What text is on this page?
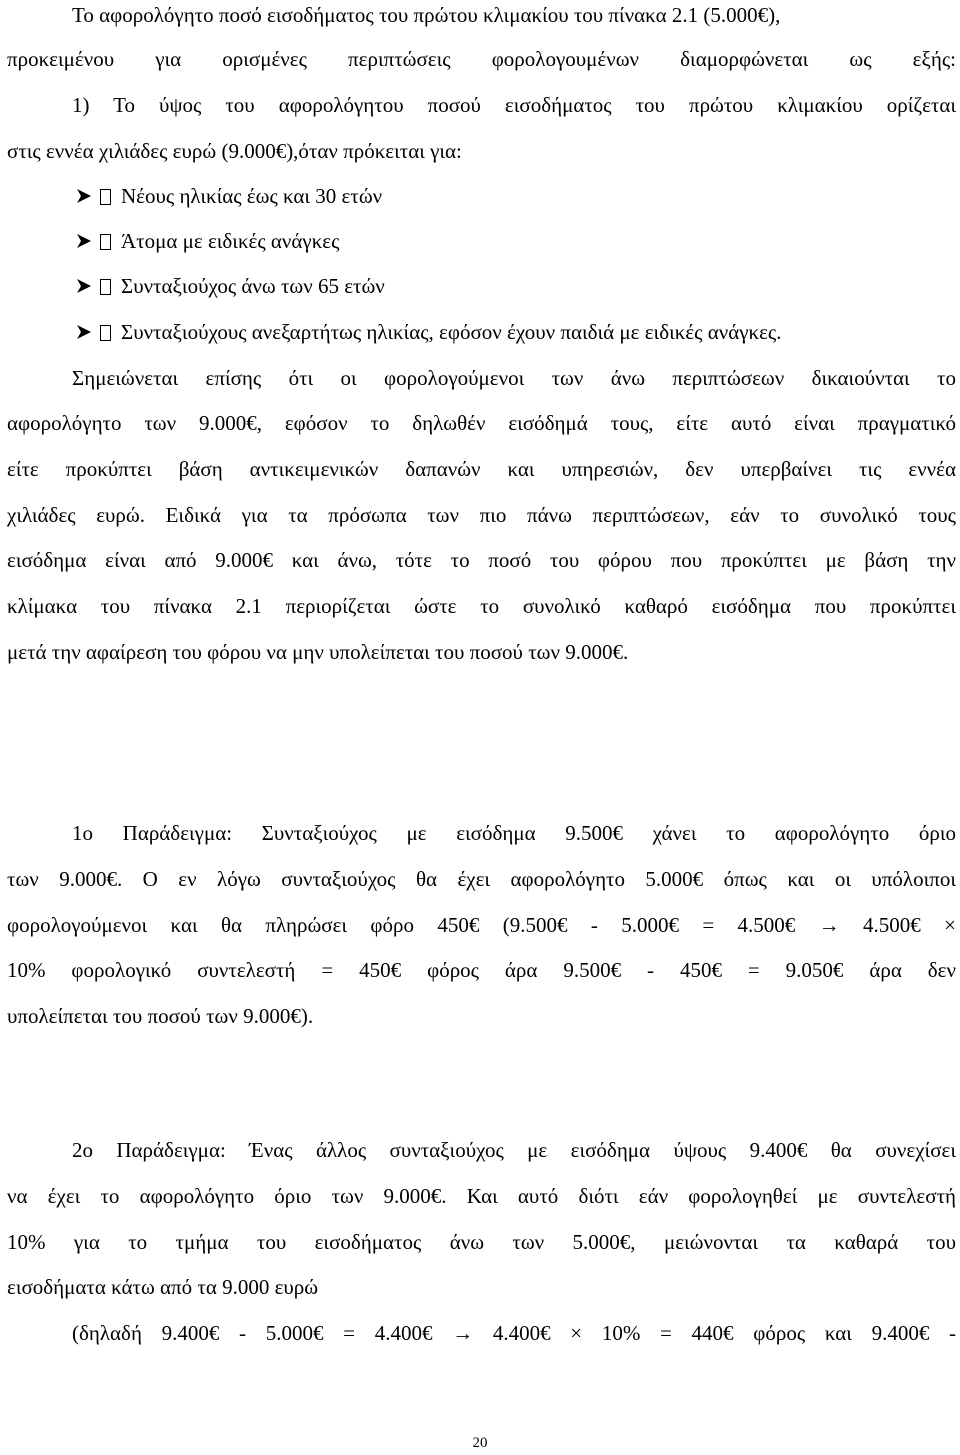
Το αφορολόγητο ποσό εισοδήματος του πρώτου κλιμακίου του πίνακα 2.1 (5.000€),
προκειμένου για ορισμένες περιπτώσεις φορολογουμένων διαμορφώνεται ως εξής:
1) Το ύψος του αφορολόγητου ποσού εισοδήματος του πρώτου κλιμακίου ορίζεται
στις εννέα χιλιάδες ευρώ (9.000€),όταν πρόκειται για:
Νέους ηλικίας έως και 30 ετών
Άτομα με ειδικές ανάγκες
Συνταξιούχος άνω των 65 ετών
Συνταξιούχους ανεξαρτήτως ηλικίας, εφόσον έχουν παιδιά με ειδικές ανάγκες.
Σημειώνεται επίσης ότι οι φορολογούμενοι των άνω περιπτώσεων δικαιούνται το
αφορολόγητο των 9.000€, εφόσον το δηλωθέν εισόδημά τους, είτε αυτό είναι πραγματικό
είτε προκύπτει βάση αντικειμενικών δαπανών και υπηρεσιών, δεν υπερβαίνει τις εννέα
χιλιάδες ευρώ. Ειδικά για τα πρόσωπα των πιο πάνω περιπτώσεων, εάν το συνολικό τους
εισόδημα είναι από 9.000€ και άνω, τότε το ποσό του φόρου που προκύπτει με βάση την
κλίμακα του πίνακα 2.1 περιορίζεται ώστε το συνολικό καθαρό εισόδημα που προκύπτει
μετά την αφαίρεση του φόρου να μην υπολείπεται του ποσού των 9.000€.
1ο Παράδειγμα: Συνταξιούχος με εισόδημα 9.500€ χάνει το αφορολόγητο όριο
των 9.000€. Ο εν λόγω συνταξιούχος θα έχει αφορολόγητο 5.000€ όπως και οι υπόλοιποι
φορολογούμενοι και θα πληρώσει φόρο 450€ (9.500€ - 5.000€ = 4.500€ → 4.500€ ×
10% φορολογικό συντελεστή = 450€ φόρος άρα 9.500€ - 450€ = 9.050€ άρα δεν
υπολείπεται του ποσού των 9.000€).
2ο Παράδειγμα: Ένας άλλος συνταξιούχος με εισόδημα ύψους 9.400€ θα συνεχίσει
να έχει το αφορολόγητο όριο των 9.000€. Και αυτό διότι εάν φορολογηθεί με συντελεστή
10% για το τμήμα του εισοδήματος άνω των 5.000€, μειώνονται τα καθαρά του
εισοδήματα κάτω από τα 9.000 ευρώ
(δηλαδή 9.400€ - 5.000€ = 4.400€ → 4.400€ × 10% = 440€ φόρος και 9.400€ -
20
